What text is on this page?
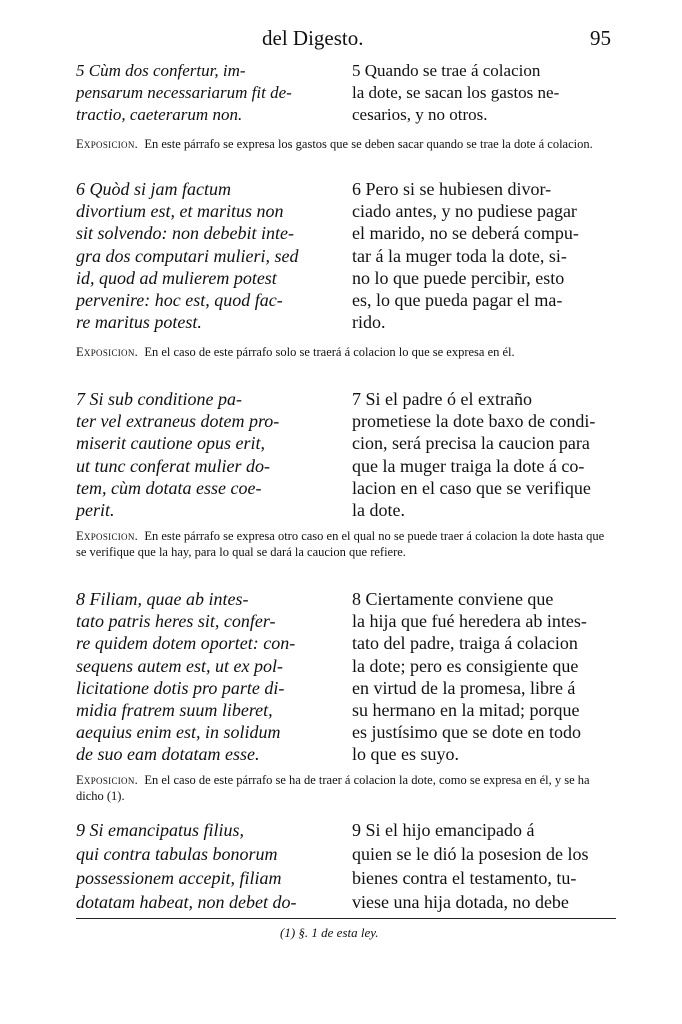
del Digesto.	95

5 Cùm dos confertur, im-
pensarum necessariarum fit de-
tractio, caeterarum non.

5 Quando se trae á colacion
la dote, se sacan los gastos ne-
cesarios, y no otros.

Exposicion. En este párrafo se expresa los gastos que se deben sacar quando se trae la dote á colacion.

6 Quòd si jam factum
divortium est, et maritus non
sit solvendo: non debebit inte-
gra dos computari mulieri, sed
id, quod ad mulierem potest
pervenire: hoc est, quod fac-
re maritus potest.

6 Pero si se hubiesen divor-
ciado antes, y no pudiese pagar
el marido, no se deberá compu-
tar á la muger toda la dote, si-
no lo que puede percibir, esto
es, lo que pueda pagar el ma-
rido.

Exposicion. En el caso de este párrafo solo se traerá á colacion lo que se expresa en él.

7 Si sub conditione pa-
ter vel extraneus dotem pro-
miserit cautione opus erit,
ut tunc conferat mulier do-
tem, cùm dotata esse coe-
perit.

7 Si el padre ó el extraño
prometiese la dote baxo de condi-
cion, será precisa la caucion para
que la muger traiga la dote á co-
lacion en el caso que se verifique
la dote.

Exposicion. En este párrafo se expresa otro caso en el qual no se puede traer á colacion la dote hasta que se verifique que la hay, para lo qual se dará la caucion que refiere.

8 Filiam, quae ab intes-
tato patris heres sit, confer-
re quidem dotem oportet: con-
sequens autem est, ut ex pol-
licitatione dotis pro parte di-
midia fratrem suum liberet,
aequius enim est, in solidum
de suo eam dotatam esse.

8 Ciertamente conviene que
la hija que fué heredera ab intes-
tato del padre, traiga á colacion
la dote; pero es consigiente que
en virtud de la promesa, libre á
su hermano en la mitad; porque
es justísimo que se dote en todo
lo que es suyo.

Exposicion. En el caso de este párrafo se ha de traer á colacion la dote, como se expresa en él, y se ha dicho (1).

9 Si emancipatus filius,
qui contra tabulas bonorum
possessionem accepit, filiam
dotatam habeat, non debet do-

9 Si el hijo emancipado á
quien se le dió la posesion de los
bienes contra el testamento, tu-
viese una hija dotada, no debe

(1) §. 1 de esta ley.
